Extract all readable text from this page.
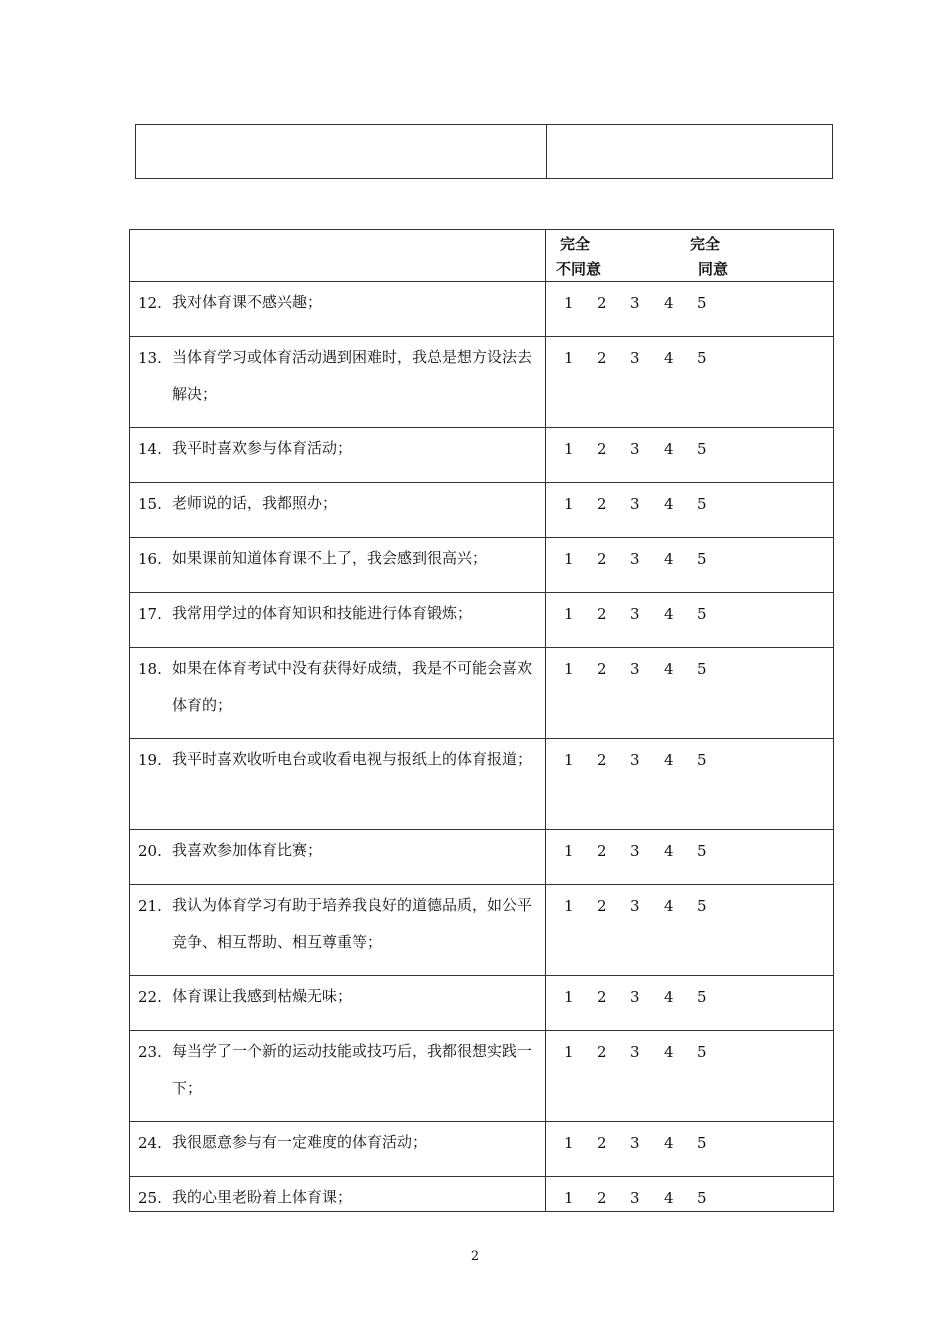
	完全
不同意
完全
同意

12. 我对体育课不感兴趣；	1 2 3 4 5

13. 当体育学习或体育活动遇到困难时，我总是想方设法去解决；	1 2 3 4 5

14. 我平时喜欢参与体育活动；	1 2 3 4 5

15. 老师说的话，我都照办；	1 2 3 4 5

16. 如果课前知道体育课不上了，我会感到很高兴；	1 2 3 4 5

17. 我常用学过的体育知识和技能进行体育锻炼；	1 2 3 4 5

18. 如果在体育考试中没有获得好成绩，我是不可能会喜欢体育的；	1 2 3 4 5

19. 我平时喜欢收听电台或收看电视与报纸上的体育报道；	1 2 3 4 5

20. 我喜欢参加体育比赛；	1 2 3 4 5

21. 我认为体育学习有助于培养我良好的道德品质，如公平竞争、相互帮助、相互尊重等；	1 2 3 4 5

22. 体育课让我感到枯燥无味；	1 2 3 4 5

23. 每当学了一个新的运动技能或技巧后，我都很想实践一下；	1 2 3 4 5

24. 我很愿意参与有一定难度的体育活动；	1 2 3 4 5

25. 我的心里老盼着上体育课；	1 2 3 4 5
2
